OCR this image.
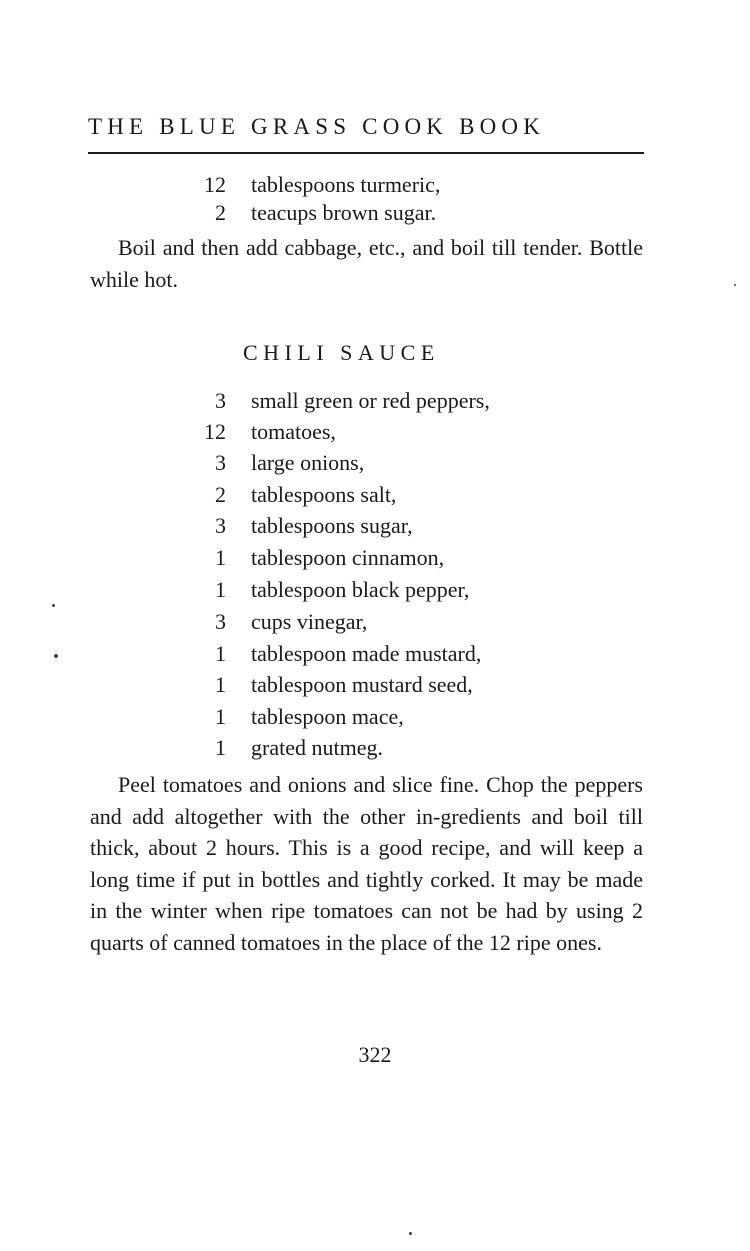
THE BLUE GRASS COOK BOOK
12 tablespoons turmeric,
2 teacups brown sugar.

Boil and then add cabbage, etc., and boil till tender. Bottle while hot.

CHILI SAUCE
3 small green or red peppers,
12 tomatoes,
3 large onions,
2 tablespoons salt,
3 tablespoons sugar,
1 tablespoon cinnamon,
1 tablespoon black pepper,
3 cups vinegar,
1 tablespoon made mustard,
1 tablespoon mustard seed,
1 tablespoon mace,
1 grated nutmeg.

Peel tomatoes and onions and slice fine. Chop the peppers and add altogether with the other in-gredients and boil till thick, about 2 hours. This is a good recipe, and will keep a long time if put in bottles and tightly corked. It may be made in the winter when ripe tomatoes can not be had by using 2 quarts of canned tomatoes in the place of the 12 ripe ones.

322
